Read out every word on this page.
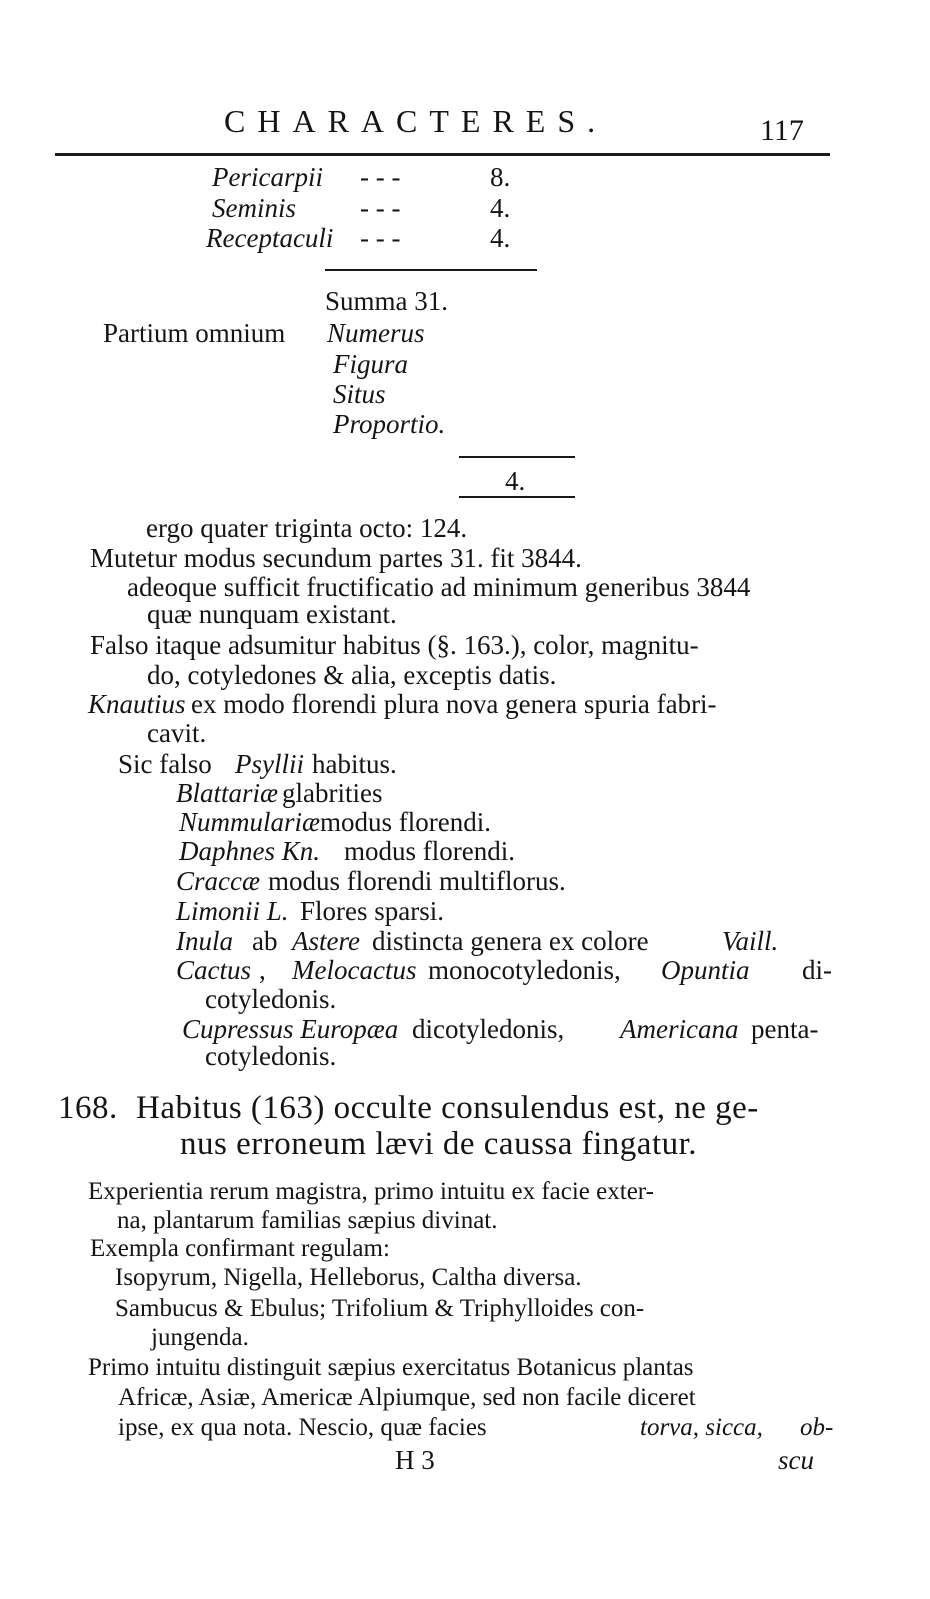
CHARACTERES.	117
Pericarpii - - -	8.
Seminis - - -	4.
Receptaculi - - -	4.
Summa 31.
Partium omnium Numerus
Figura
Situs
Proportio.
4.
ergo quater triginta octo: 124.
Mutetur modus secundum partes 31. fit 3844.
adeoque sufficit fructificatio ad minimum generibus 3844
quæ nunquam existant.
Falso itaque adsumitur habitus (§. 163.), color, magnitu-
do, cotyledones & alia, exceptis datis.
Knautius ex modo florendi plura nova genera spuria fabri-
cavit.
Sic falso Psyllii habitus.
Blattariæ glabrities
Nummulariæ modus florendi.
Daphnes Kn. modus florendi.
Craccæ modus florendi multiflorus.
Limonii L. Flores sparsi.
Inula ab Astere distincta genera ex colore	Vaill.
Cactus , Melocactus monocotyledonis, Opuntia di-
cotyledonis.
Cupressus Europæa dicotyledonis, Americana penta-
cotyledonis.
168. Habitus (163) occulte consulendus est, ne ge-
nus erroneum lævi de caussa fingatur.
Experientia rerum magistra, primo intuitu ex facie exter-
na, plantarum familias sæpius divinat.
Exempla confirmant regulam:
Isopyrum, Nigella, Helleborus, Caltha diversa.
Sambucus & Ebulus; Trifolium & Triphylloides con-
jungenda.
Primo intuitu distinguit sæpius exercitatus Botanicus plantas
Africæ, Asiæ, Americæ Alpiumque, sed non facile diceret
ipse, ex qua nota. Nescio, quæ facies	torva, sicca, ob-
H 3	scu
